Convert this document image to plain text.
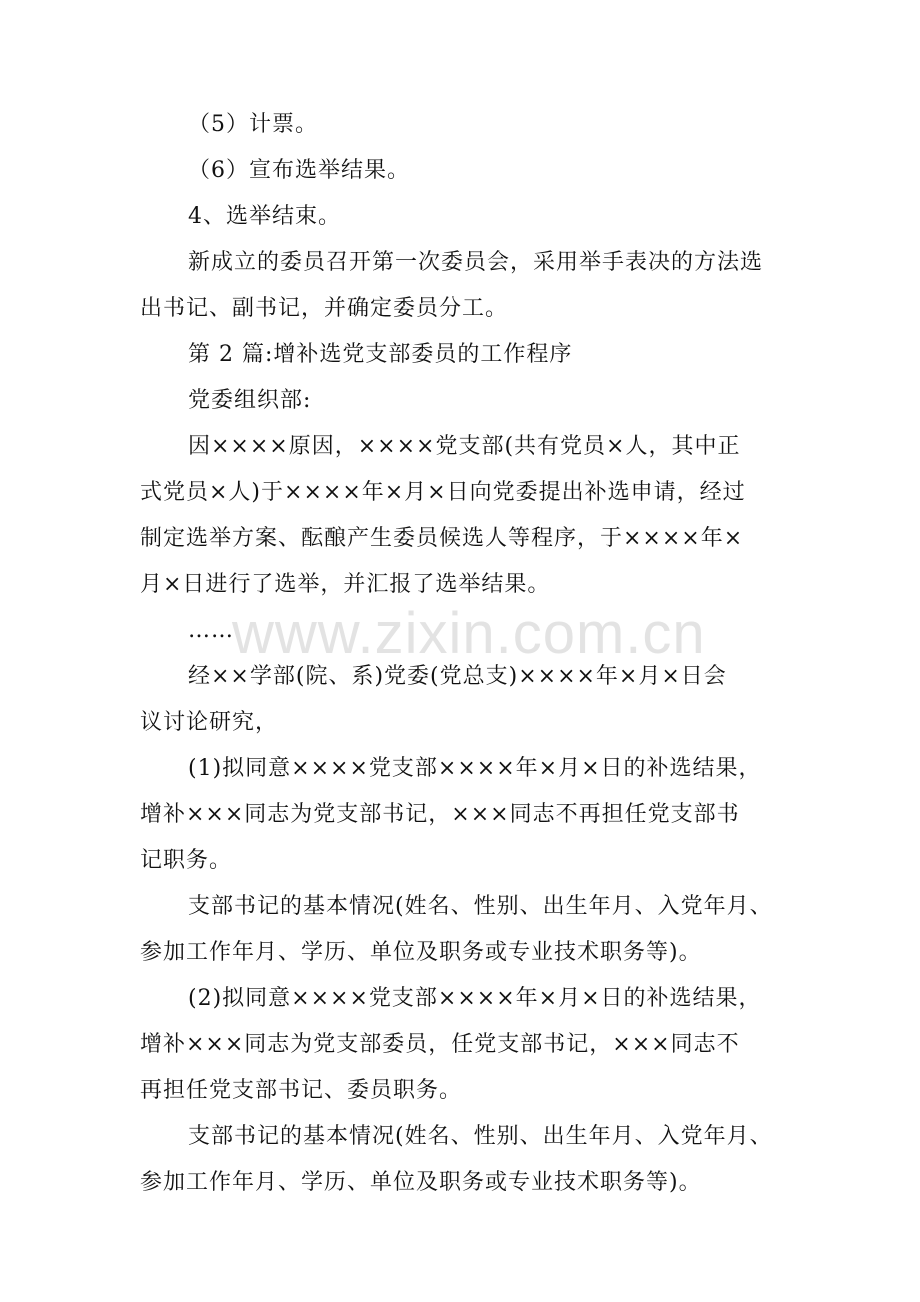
（5）计票。
（6）宣布选举结果。
4、选举结束。
新成立的委员召开第一次委员会，采用举手表决的方法选
出书记、副书记，并确定委员分工。
第 2 篇:增补选党支部委员的工作程序
党委组织部:
因××××原因，××××党支部(共有党员×人，其中正
式党员×人)于××××年×月×日向党委提出补选申请，经过
制定选举方案、酝酿产生委员候选人等程序，于××××年×
月×日进行了选举，并汇报了选举结果。
……
经××学部(院、系)党委(党总支)××××年×月×日会
议讨论研究，
(1)拟同意××××党支部××××年×月×日的补选结果，
增补×××同志为党支部书记，×××同志不再担任党支部书
记职务。
支部书记的基本情况(姓名、性别、出生年月、入党年月、
参加工作年月、学历、单位及职务或专业技术职务等)。
(2)拟同意××××党支部××××年×月×日的补选结果，
增补×××同志为党支部委员，任党支部书记，×××同志不
再担任党支部书记、委员职务。
支部书记的基本情况(姓名、性别、出生年月、入党年月、
参加工作年月、学历、单位及职务或专业技术职务等)。
www.zixin.com.cn
